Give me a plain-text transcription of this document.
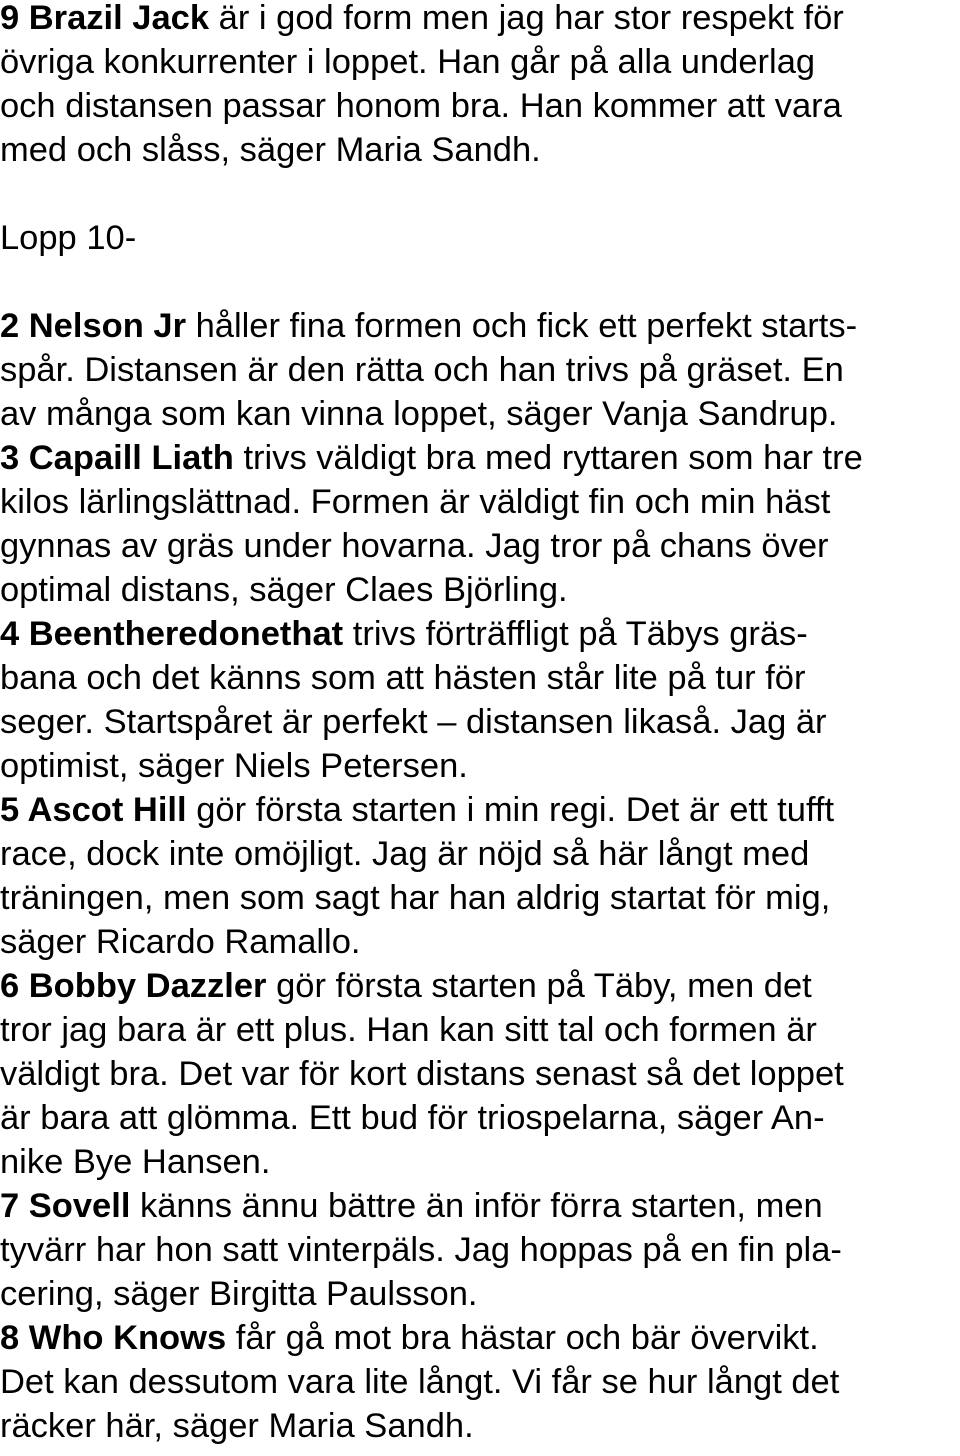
9 Brazil Jack är i god form men jag har stor respekt för
övriga konkurrenter i loppet. Han går på alla underlag
och distansen passar honom bra. Han kommer att vara
med och slåss, säger Maria Sandh.
Lopp 10-
2 Nelson Jr håller fina formen och fick ett perfekt starts-
spår. Distansen är den rätta och han trivs på gräset. En
av många som kan vinna loppet, säger Vanja Sandrup.
3 Capaill Liath trivs väldigt bra med ryttaren som har tre
kilos lärlingslättnad. Formen är väldigt fin och min häst
gynnas av gräs under hovarna. Jag tror på chans över
optimal distans, säger Claes Björling.
4 Beentheredonethat trivs förträffligt på Täbys gräs-
bana och det känns som att hästen står lite på tur för
seger. Startspåret är perfekt – distansen likaså. Jag är
optimist, säger Niels Petersen.
5 Ascot Hill gör första starten i min regi. Det är ett tufft
race, dock inte omöjligt. Jag är nöjd så här långt med
träningen, men som sagt har han aldrig startat för mig,
säger Ricardo Ramallo.
6 Bobby Dazzler gör första starten på Täby, men det
tror jag bara är ett plus. Han kan sitt tal och formen är
väldigt bra. Det var för kort distans senast så det loppet
är bara att glömma. Ett bud för triospelarna, säger An-
nike Bye Hansen.
7 Sovell känns ännu bättre än inför förra starten, men
tyvärr har hon satt vinterpäls. Jag hoppas på en fin pla-
cering, säger Birgitta Paulsson.
8 Who Knows får gå mot bra hästar och bär övervikt.
Det kan dessutom vara lite långt. Vi får se hur långt det
räcker här, säger Maria Sandh.
